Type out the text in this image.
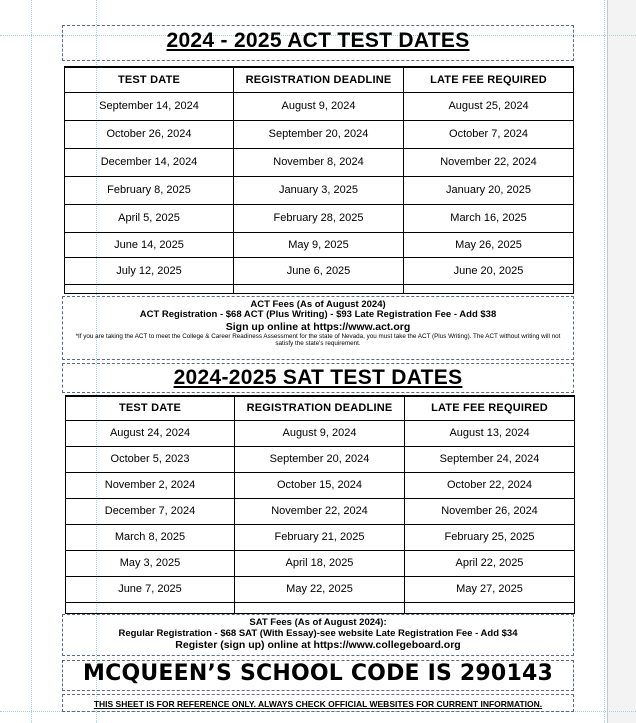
2024 - 2025 ACT TEST DATES
TEST DATE	REGISTRATION DEADLINE	LATE FEE REQUIRED
September 14, 2024	August 9, 2024	August 25, 2024
October 26, 2024	September 20, 2024	October 7, 2024
December 14, 2024	November 8, 2024	November 22, 2024
February 8, 2025	January 3, 2025	January 20, 2025
April 5, 2025	February 28, 2025	March 16, 2025
June 14, 2025	May 9, 2025	May 26, 2025
July 12, 2025	June 6, 2025	June 20, 2025

ACT Fees (As of August 2024)
ACT Registration - $68 ACT (Plus Writing) - $93 Late Registration Fee - Add $38
Sign up online at https://www.act.org
*If you are taking the ACT to meet the College & Career Readiness Assessment for the state of Nevada, you must take the ACT (Plus Writing). The ACT without writing will not satisfy the state's requirement.
2024-2025 SAT TEST DATES
TEST DATE	REGISTRATION DEADLINE	LATE FEE REQUIRED
August 24, 2024	August 9, 2024	August 13, 2024
October 5, 2023	September 20, 2024	September 24, 2024
November 2, 2024	October 15, 2024	October 22, 2024
December 7, 2024	November 22, 2024	November 26, 2024
March 8, 2025	February 21, 2025	February 25, 2025
May 3, 2025	April 18, 2025	April 22, 2025
June 7, 2025	May 22, 2025	May 27, 2025

SAT Fees (As of August 2024):
Regular Registration - $68 SAT (With Essay)-see website Late Registration Fee - Add $34
Register (sign up) online at https://www.collegeboard.org
MCQUEEN’S SCHOOL CODE IS 290143
THIS SHEET IS FOR REFERENCE ONLY. ALWAYS CHECK OFFICIAL WEBSITES FOR CURRENT INFORMATION.
